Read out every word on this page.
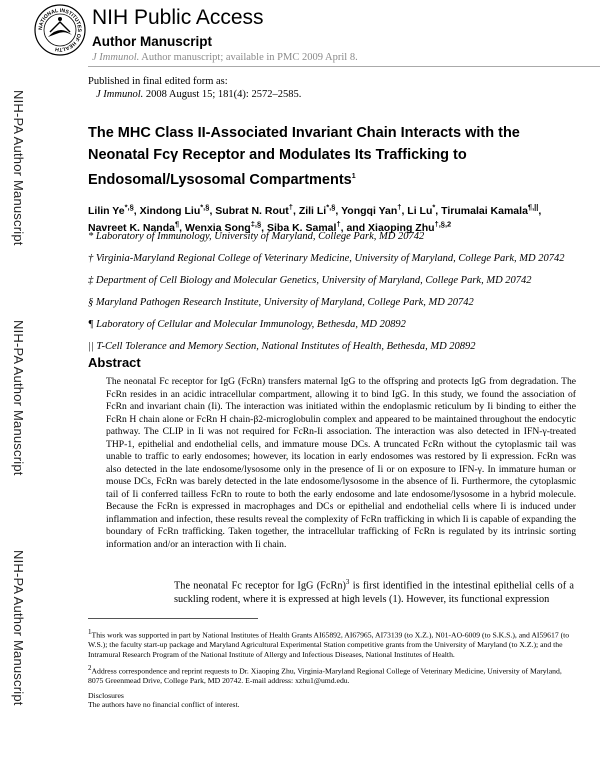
NIH-PA Author Manuscript
NIH-PA Author Manuscript
NIH-PA Author Manuscript
NATIONAL INSTITUTES OF HEALTH
NIH Public Access
Author Manuscript
J Immunol. Author manuscript; available in PMC 2009 April 8.
Published in final edited form as:
J Immunol. 2008 August 15; 181(4): 2572–2585.
The MHC Class II-Associated Invariant Chain Interacts with the Neonatal Fcγ Receptor and Modulates Its Trafficking to Endosomal/Lysosomal Compartments$^1$
Lilin Ye*,§, Xindong Liu*,§, Subrat N. Rout†, Zili Li*,§, Yongqi Yan†, Li Lu*, Tirumalai Kamala¶,||, Navreet K. Nanda¶, Wenxia Song‡,§, Siba K. Samal†, and Xiaoping Zhu$^{\dagger,\S,2}$
* Laboratory of Immunology, University of Maryland, College Park, MD 20742
† Virginia-Maryland Regional College of Veterinary Medicine, University of Maryland, College Park, MD 20742
‡ Department of Cell Biology and Molecular Genetics, University of Maryland, College Park, MD 20742
§ Maryland Pathogen Research Institute, University of Maryland, College Park, MD 20742
¶ Laboratory of Cellular and Molecular Immunology, Bethesda, MD 20892
|| T-Cell Tolerance and Memory Section, National Institutes of Health, Bethesda, MD 20892
Abstract
The neonatal Fc receptor for IgG (FcRn) transfers maternal IgG to the offspring and protects IgG from degradation. The FcRn resides in an acidic intracellular compartment, allowing it to bind IgG. In this study, we found the association of FcRn and invariant chain (Ii). The interaction was initiated within the endoplasmic reticulum by Ii binding to either the FcRn H chain alone or FcRn H chain-β2-microglobulin complex and appeared to be maintained throughout the endocytic pathway. The CLIP in Ii was not required for FcRn-Ii association. The interaction was also detected in IFN-γ-treated THP-1, epithelial and endothelial cells, and immature mouse DCs. A truncated FcRn without the cytoplasmic tail was unable to traffic to early endosomes; however, its location in early endosomes was restored by Ii expression. FcRn was also detected in the late endosome/lysosome only in the presence of Ii or on exposure to IFN-γ. In immature human or mouse DCs, FcRn was barely detected in the late endosome/lysosome in the absence of Ii. Furthermore, the cytoplasmic tail of Ii conferred tailless FcRn to route to both the early endosome and late endosome/lysosome in a hybrid molecule. Because the FcRn is expressed in macrophages and DCs or epithelial and endothelial cells where Ii is induced under inflammation and infection, these results reveal the complexity of FcRn trafficking in which Ii is capable of expanding the boundary of FcRn trafficking. Taken together, the intracellular trafficking of FcRn is regulated by its intrinsic sorting information and/or an interaction with Ii chain.
The neonatal Fc receptor for IgG (FcRn)$^3$ is first identified in the intestinal epithelial cells of a suckling rodent, where it is expressed at high levels (1). However, its functional expression
$^1$This work was supported in part by National Institutes of Health Grants AI65892, AI67965, AI73139 (to X.Z.), N01-AO-6009 (to S.K.S.), and AI59617 (to W.S.); the faculty start-up package and Maryland Agricultural Experimental Station competitive grants from the University of Maryland (to X.Z.); and the Intramural Research Program of the National Institute of Allergy and Infectious Diseases, National Institutes of Health.
$^2$Address correspondence and reprint requests to Dr. Xiaoping Zhu, Virginia-Maryland Regional College of Veterinary Medicine, University of Maryland, 8075 Greenmead Drive, College Park, MD 20742. E-mail address: xzhu1@umd.edu.
Disclosures
The authors have no financial conflict of interest.
